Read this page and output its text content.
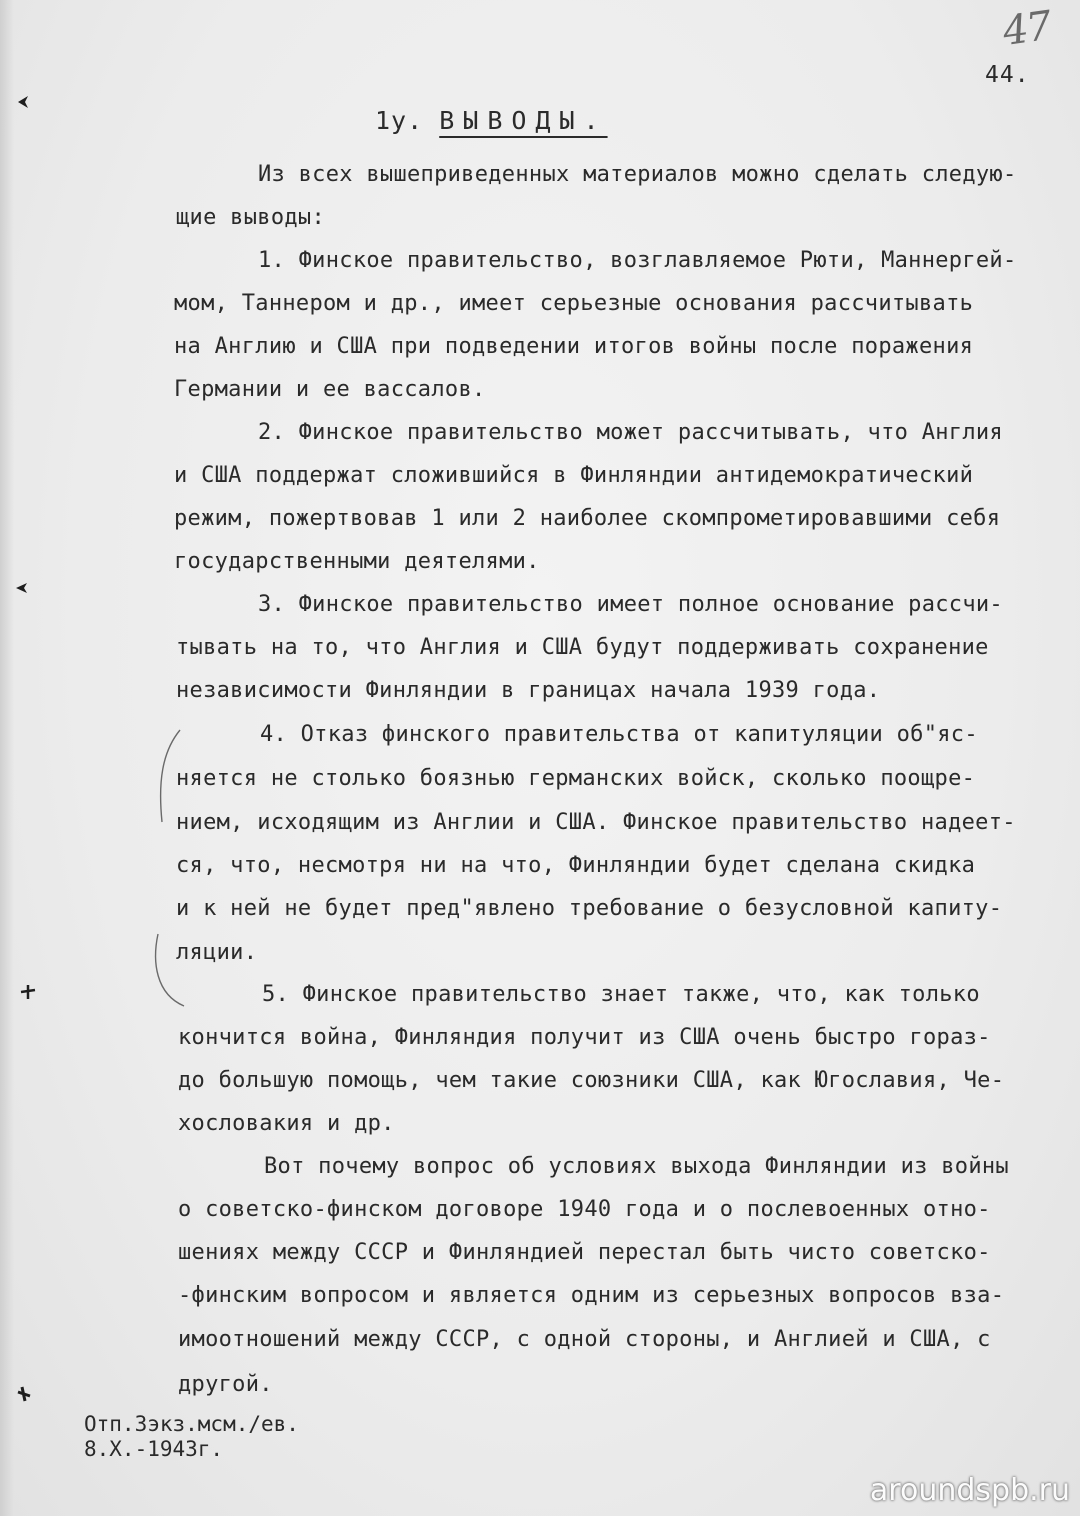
47
44.
1у. ВЫВОДЫ.
Из всех вышеприведенных материалов можно сделать следую-
щие выводы:
1. Финское правительство, возглавляемое Рюти, Маннергей-
мом, Таннером и др., имеет серьезные основания рассчитывать
на Англию и США при подведении итогов войны после поражения
Германии и ее вассалов.
2. Финское правительство может рассчитывать, что Англия
и США поддержат сложившийся в Финляндии антидемократический
режим, пожертвовав 1 или 2 наиболее скомпрометировавшими себя
государственными деятелями.
3. Финское правительство имеет полное основание рассчи-
тывать на то, что Англия и США будут поддерживать сохранение
независимости Финляндии в границах начала 1939 года.
4. Отказ финского правительства от капитуляции об"яс-
няется не столько боязнью германских войск, сколько поощре-
нием, исходящим из Англии и США. Финское правительство надеет-
ся, что, несмотря ни на что, Финляндии будет сделана скидка
и к ней не будет пред"явлено требование о безусловной капиту-
ляции.
5. Финское правительство знает также, что, как только
кончится война, Финляндия получит из США очень быстро гораз-
до большую помощь, чем такие союзники США, как Югославия, Че-
хословакия и др.
Вот почему вопрос об условиях выхода Финляндии из войны
о советско-финском договоре 1940 года и о послевоенных отно-
шениях между СССР и Финляндией перестал быть чисто советско-
-финским вопросом и является одним из серьезных вопросов вза-
имоотношений между СССР, с одной стороны, и Англией и США, с
другой.
Отп.3экз.мсм./ев.
8.Х.-1943г.
aroundspb.ru
